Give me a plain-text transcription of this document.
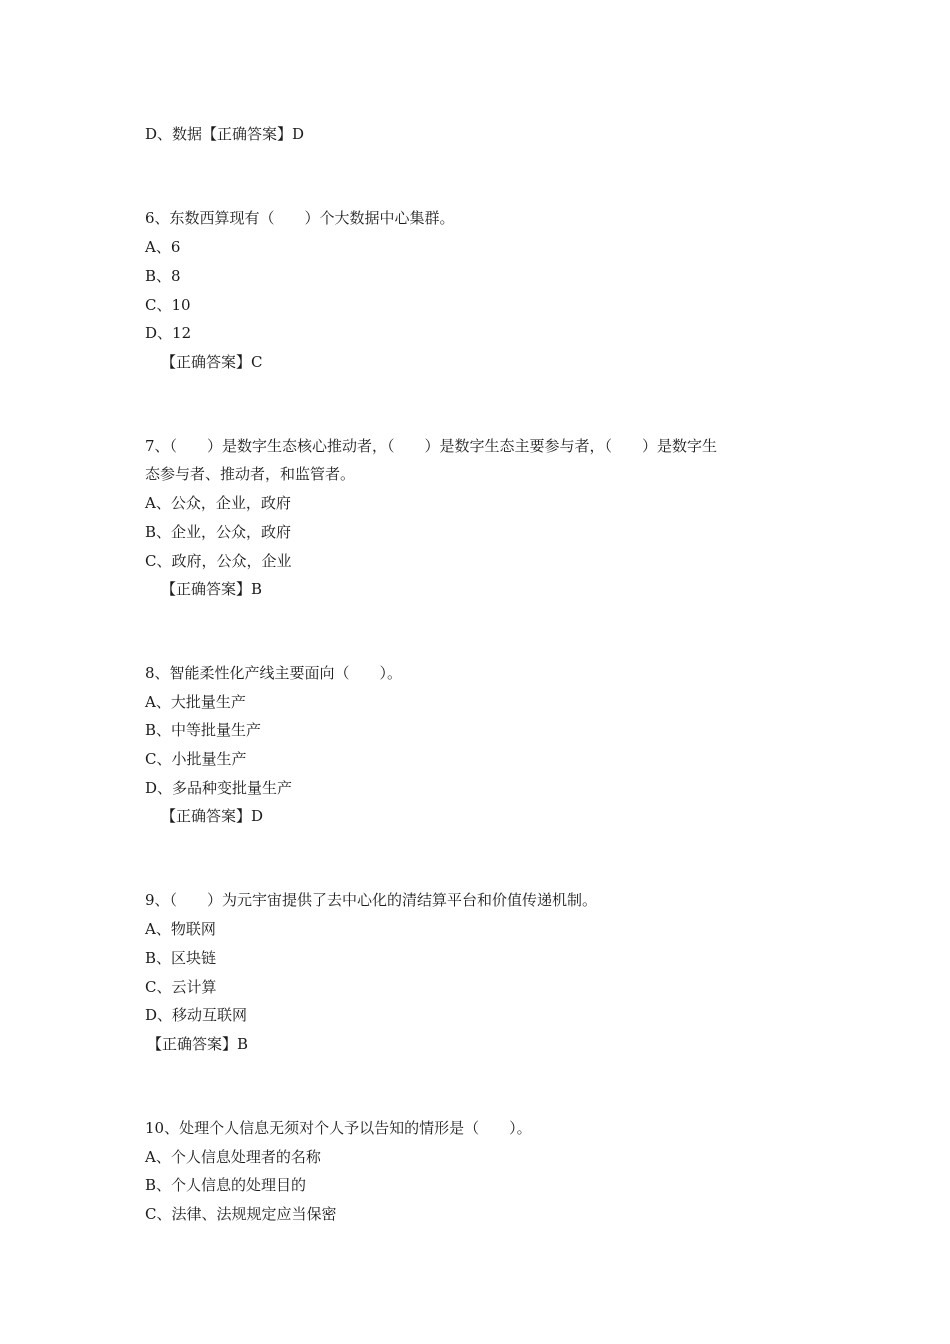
D、数据【正确答案】D
6、东数西算现有（　　）个大数据中心集群。
A、6
B、8
C、10
D、12
【正确答案】C
7、（　　）是数字生态核心推动者，（　　）是数字生态主要参与者，（　　）是数字生
态参与者、推动者，和监管者。
A、公众，企业，政府
B、企业，公众，政府
C、政府，公众，企业
【正确答案】B
8、智能柔性化产线主要面向（　　）。
A、大批量生产
B、中等批量生产
C、小批量生产
D、多品种变批量生产
【正确答案】D
9、（　　）为元宇宙提供了去中心化的清结算平台和价值传递机制。
A、物联网
B、区块链
C、云计算
D、移动互联网
【正确答案】B
10、处理个人信息无须对个人予以告知的情形是（　　）。
A、个人信息处理者的名称
B、个人信息的处理目的
C、法律、法规规定应当保密
